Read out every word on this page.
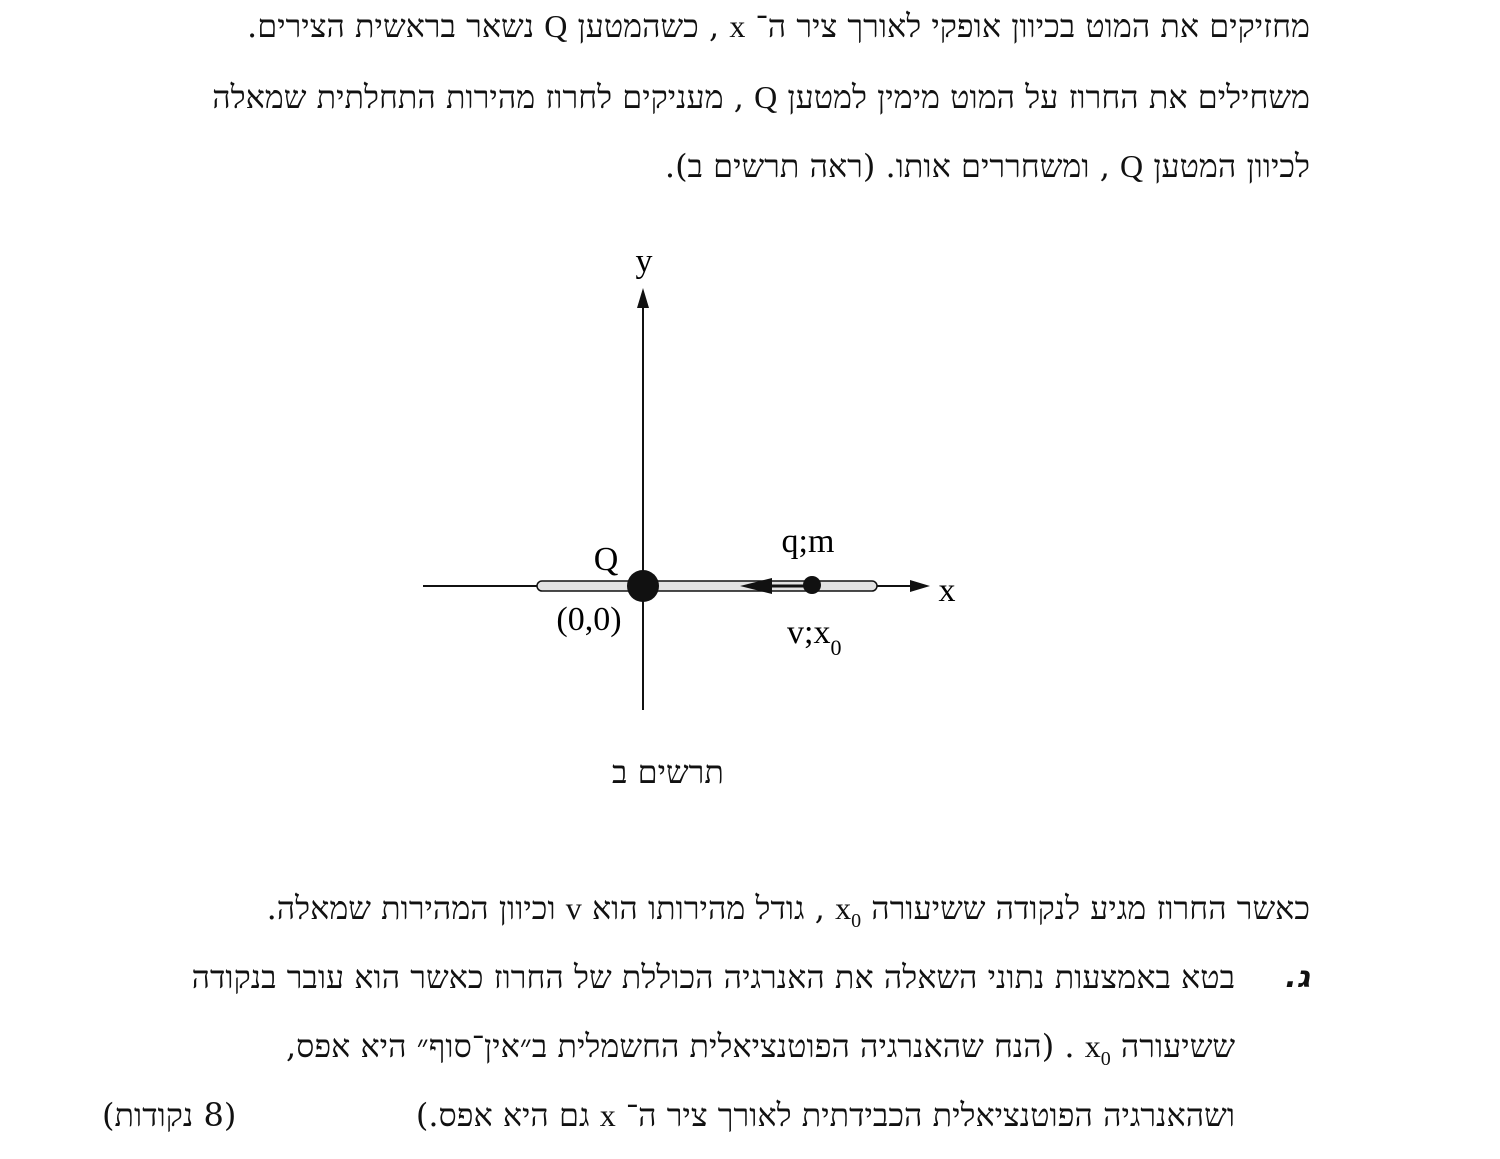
מחזיקים את המוט בכיוון אופקי לאורך ציר ה־ x , כשהמטען Q נשאר בראשית הצירים.
משחילים את החרוז על המוט מימין למטען Q , מעניקים לחרוז מהירות התחלתית שמאלה
לכיוון המטען Q , ומשחררים אותו. (ראה תרשים ב).
y
x
Q
(0,0)
q;m
$v;x_0$
תרשים ב
כאשר החרוז מגיע לנקודה ששיעורה $x_0$ , גודל מהירותו הוא v וכיוון המהירות שמאלה.
ג.
בטא באמצעות נתוני השאלה את האנרגיה הכוללת של החרוז כאשר הוא עובר בנקודה
ששיעורה $x_0$ . (הנח שהאנרגיה הפוטנציאלית החשמלית ב״אין־סוף״ היא אפס,
ושהאנרגיה הפוטנציאלית הכבידתית לאורך ציר ה־ x גם היא אפס.)
(8 נקודות)
